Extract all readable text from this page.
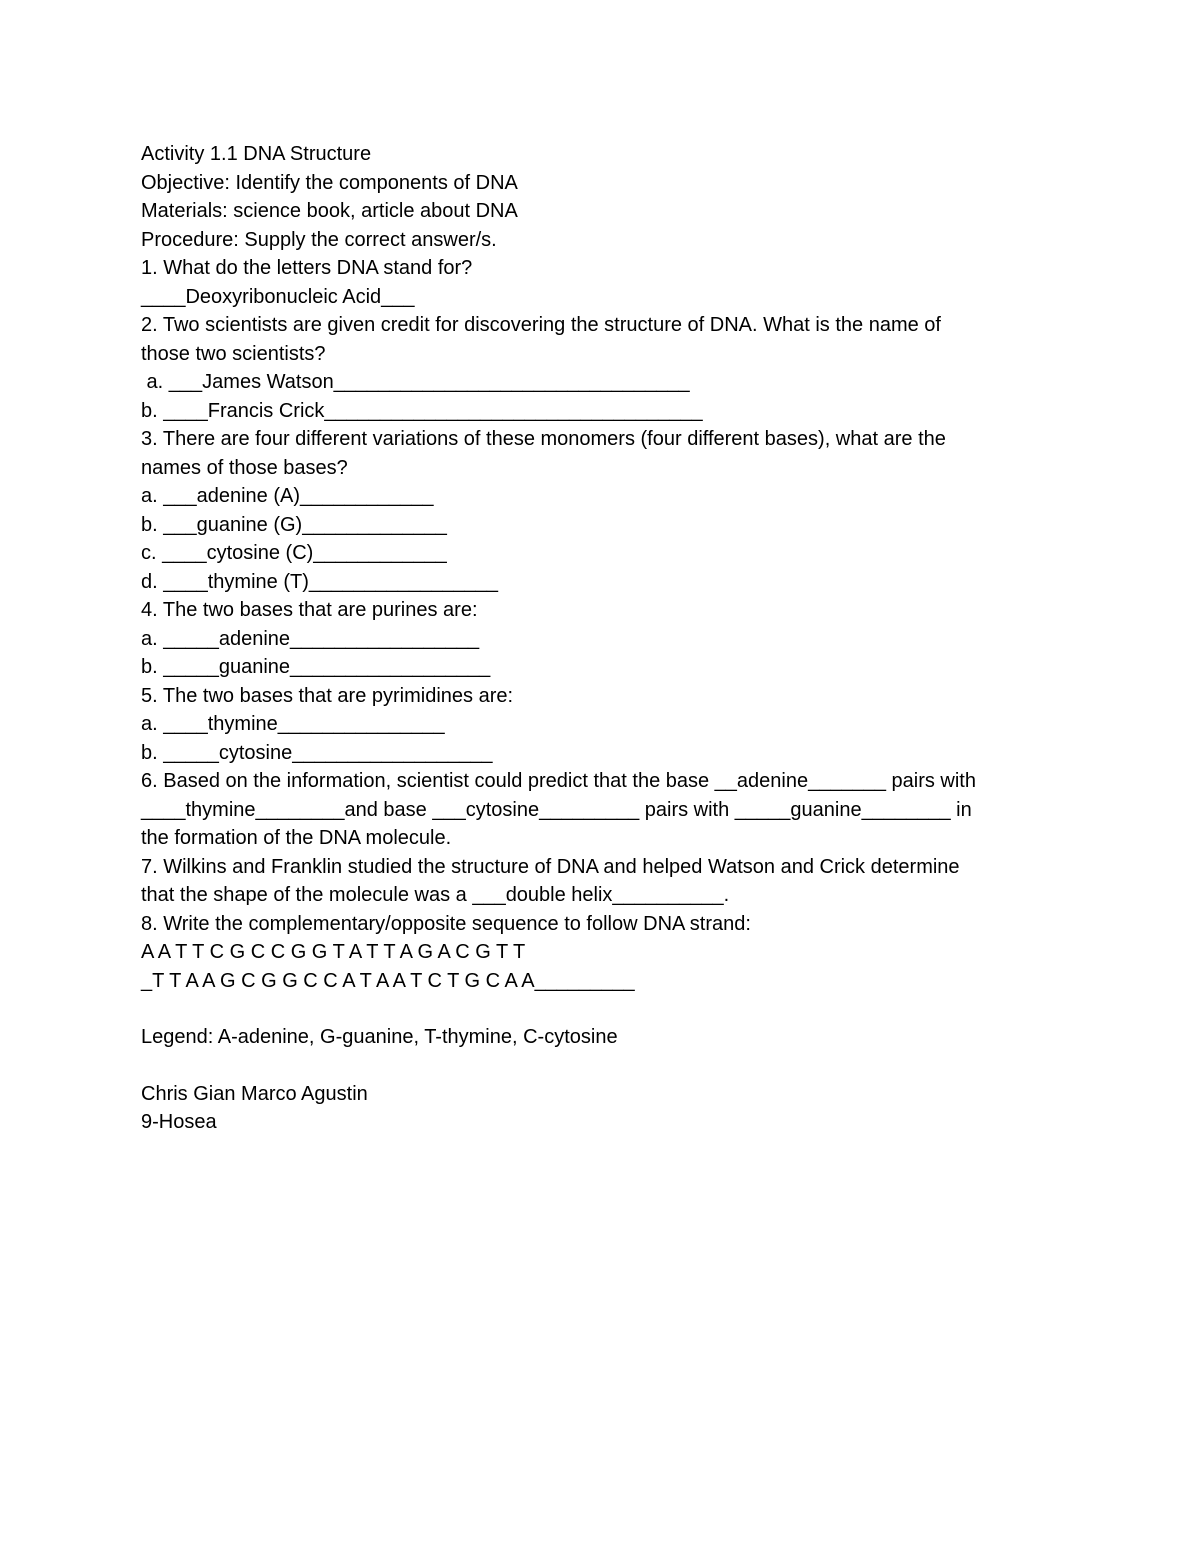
Activity 1.1 DNA Structure

Objective: Identify the components of DNA

Materials: science book, article about DNA

Procedure: Supply the correct answer/s.

1. What do the letters DNA stand for?

____Deoxyribonucleic Acid___

2. Two scientists are given credit for discovering the structure of DNA. What is the name of

those two scientists?

a. ___James Watson________________________________

b. ____Francis Crick__________________________________

3. There are four different variations of these monomers (four different bases), what are the

names of those bases?

a. ___adenine (A)____________

b. ___guanine (G)_____________

c. ____cytosine (C)____________

d. ____thymine (T)_________________

4. The two bases that are purines are:

a. _____adenine_________________

b. _____guanine__________________

5. The two bases that are pyrimidines are:

a. ____thymine_______________

b. _____cytosine__________________

6. Based on the information, scientist could predict that the base __adenine_______ pairs with

____thymine________and base ___cytosine_________ pairs with _____guanine________ in

the formation of the DNA molecule.

7. Wilkins and Franklin studied the structure of DNA and helped Watson and Crick determine

that the shape of the molecule was a ___double helix__________.

8. Write the complementary/opposite sequence to follow DNA strand:

A A T T C G C C G G T A T T A G A C G T T

_T T A A G C G G C C A T A A T C T G C A A_________

Legend: A-adenine, G-guanine, T-thymine, C-cytosine

Chris Gian Marco Agustin

9-Hosea
